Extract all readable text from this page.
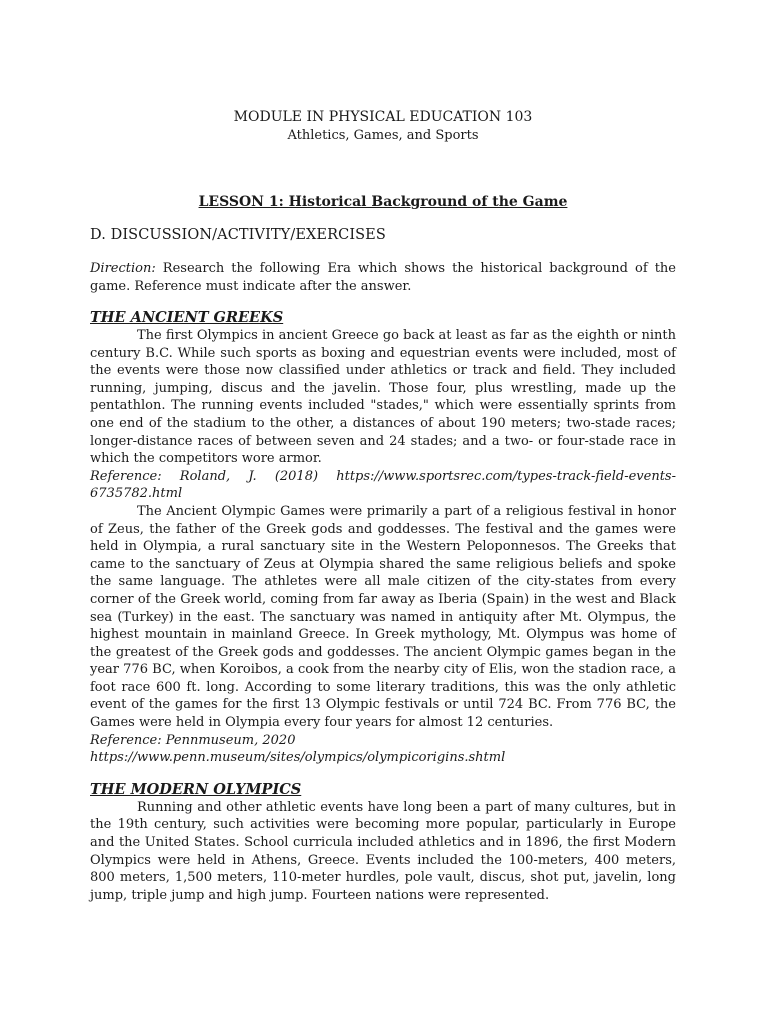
MODULE IN PHYSICAL EDUCATION 103
Athletics, Games, and Sports
LESSON 1: Historical Background of the Game
D. DISCUSSION/ACTIVITY/EXERCISES
Direction: Research the following Era which shows the historical background of the game. Reference must indicate after the answer.
THE ANCIENT GREEKS

The first Olympics in ancient Greece go back at least as far as the eighth or ninth century B.C. While such sports as boxing and equestrian events were included, most of the events were those now classified under athletics or track and field. They included running, jumping, discus and the javelin. Those four, plus wrestling, made up the pentathlon. The running events included "stades," which were essentially sprints from one end of the stadium to the other, a distances of about 190 meters; two-stade races; longer-distance races of between seven and 24 stades; and a two- or four-stade race in which the competitors wore armor.

Reference: Roland, J. (2018) https://www.sportsrec.com/types-track-field-events-6735782.html

The Ancient Olympic Games were primarily a part of a religious festival in honor of Zeus, the father of the Greek gods and goddesses. The festival and the games were held in Olympia, a rural sanctuary site in the Western Peloponnesos. The Greeks that came to the sanctuary of Zeus at Olympia shared the same religious beliefs and spoke the same language. The athletes were all male citizen of the city-states from every corner of the Greek world, coming from far away as Iberia (Spain) in the west and Black sea (Turkey) in the east. The sanctuary was named in antiquity after Mt. Olympus, the highest mountain in mainland Greece. In Greek mythology, Mt. Olympus was home of the greatest of the Greek gods and goddesses. The ancient Olympic games began in the year 776 BC, when Koroibos, a cook from the nearby city of Elis, won the stadion race, a foot race 600 ft. long. According to some literary traditions, this was the only athletic event of the games for the first 13 Olympic festivals or until 724 BC. From 776 BC, the Games were held in Olympia every four years for almost 12 centuries.

Reference: Pennmuseum, 2020

https://www.penn.museum/sites/olympics/olympicorigins.shtml

THE MODERN OLYMPICS

Running and other athletic events have long been a part of many cultures, but in the 19th century, such activities were becoming more popular, particularly in Europe and the United States. School curricula included athletics and in 1896, the first Modern Olympics were held in Athens, Greece. Events included the 100-meters, 400 meters, 800 meters, 1,500 meters, 110-meter hurdles, pole vault, discus, shot put, javelin, long jump, triple jump and high jump. Fourteen nations were represented.
